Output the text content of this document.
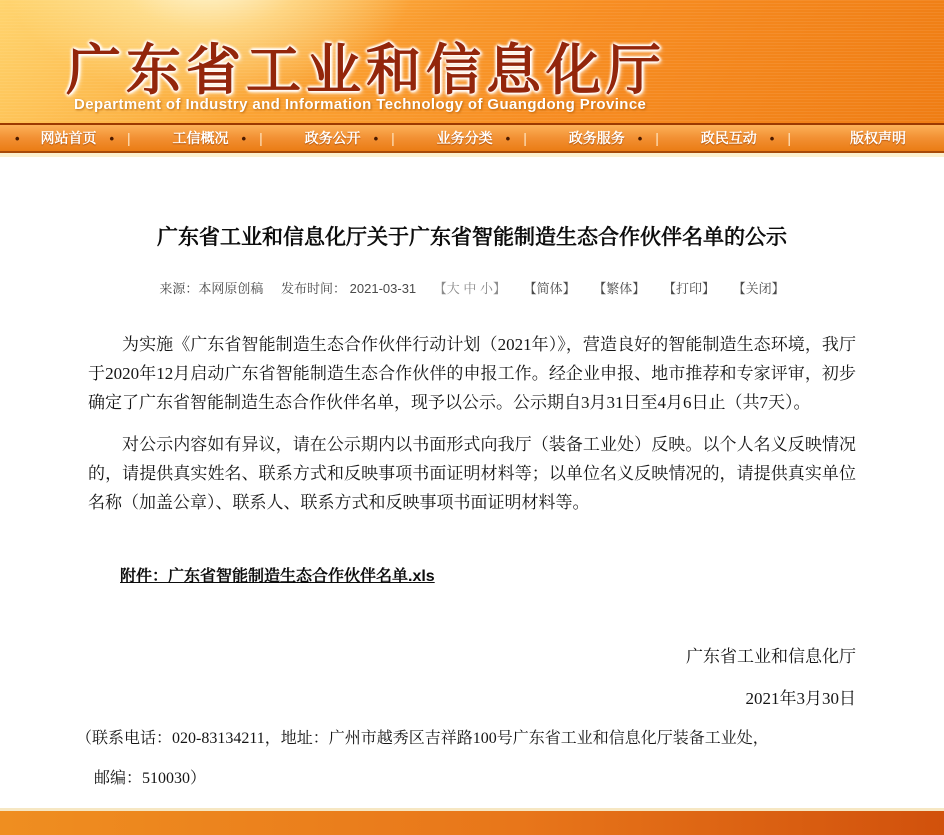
广东省工业和信息化厅
Department of Industry and Information Technology of Guangdong Province
•
网站首页 • |	工信概况 • |	政务公开 • |	业务分类 • |	政务服务 • |	政民互动 • |	版权声明
广东省工业和信息化厅关于广东省智能制造生态合作伙伴名单的公示
来源：本网原创稿 发布时间： 2021-03-31 【大 中 小】 【简体】 【繁体】 【打印】 【关闭】

为实施《广东省智能制造生态合作伙伴行动计划（2021年）》，营造良好的智能制造生态环境，我厅于2020年12月启动广东省智能制造生态合作伙伴的申报工作。经企业申报、地市推荐和专家评审，初步确定了广东省智能制造生态合作伙伴名单，现予以公示。公示期自3月31日至4月6日止（共7天）。

对公示内容如有异议，请在公示期内以书面形式向我厅（装备工业处）反映。以个人名义反映情况的，请提供真实姓名、联系方式和反映事项书面证明材料等；以单位名义反映情况的，请提供真实单位名称（加盖公章）、联系人、联系方式和反映事项书面证明材料等。

附件：广东省智能制造生态合作伙伴名单.xls
广东省工业和信息化厅
2021年3月30日
（联系电话：020-83134211，地址：广州市越秀区吉祥路100号广东省工业和信息化厅装备工业处，
邮编：510030）
